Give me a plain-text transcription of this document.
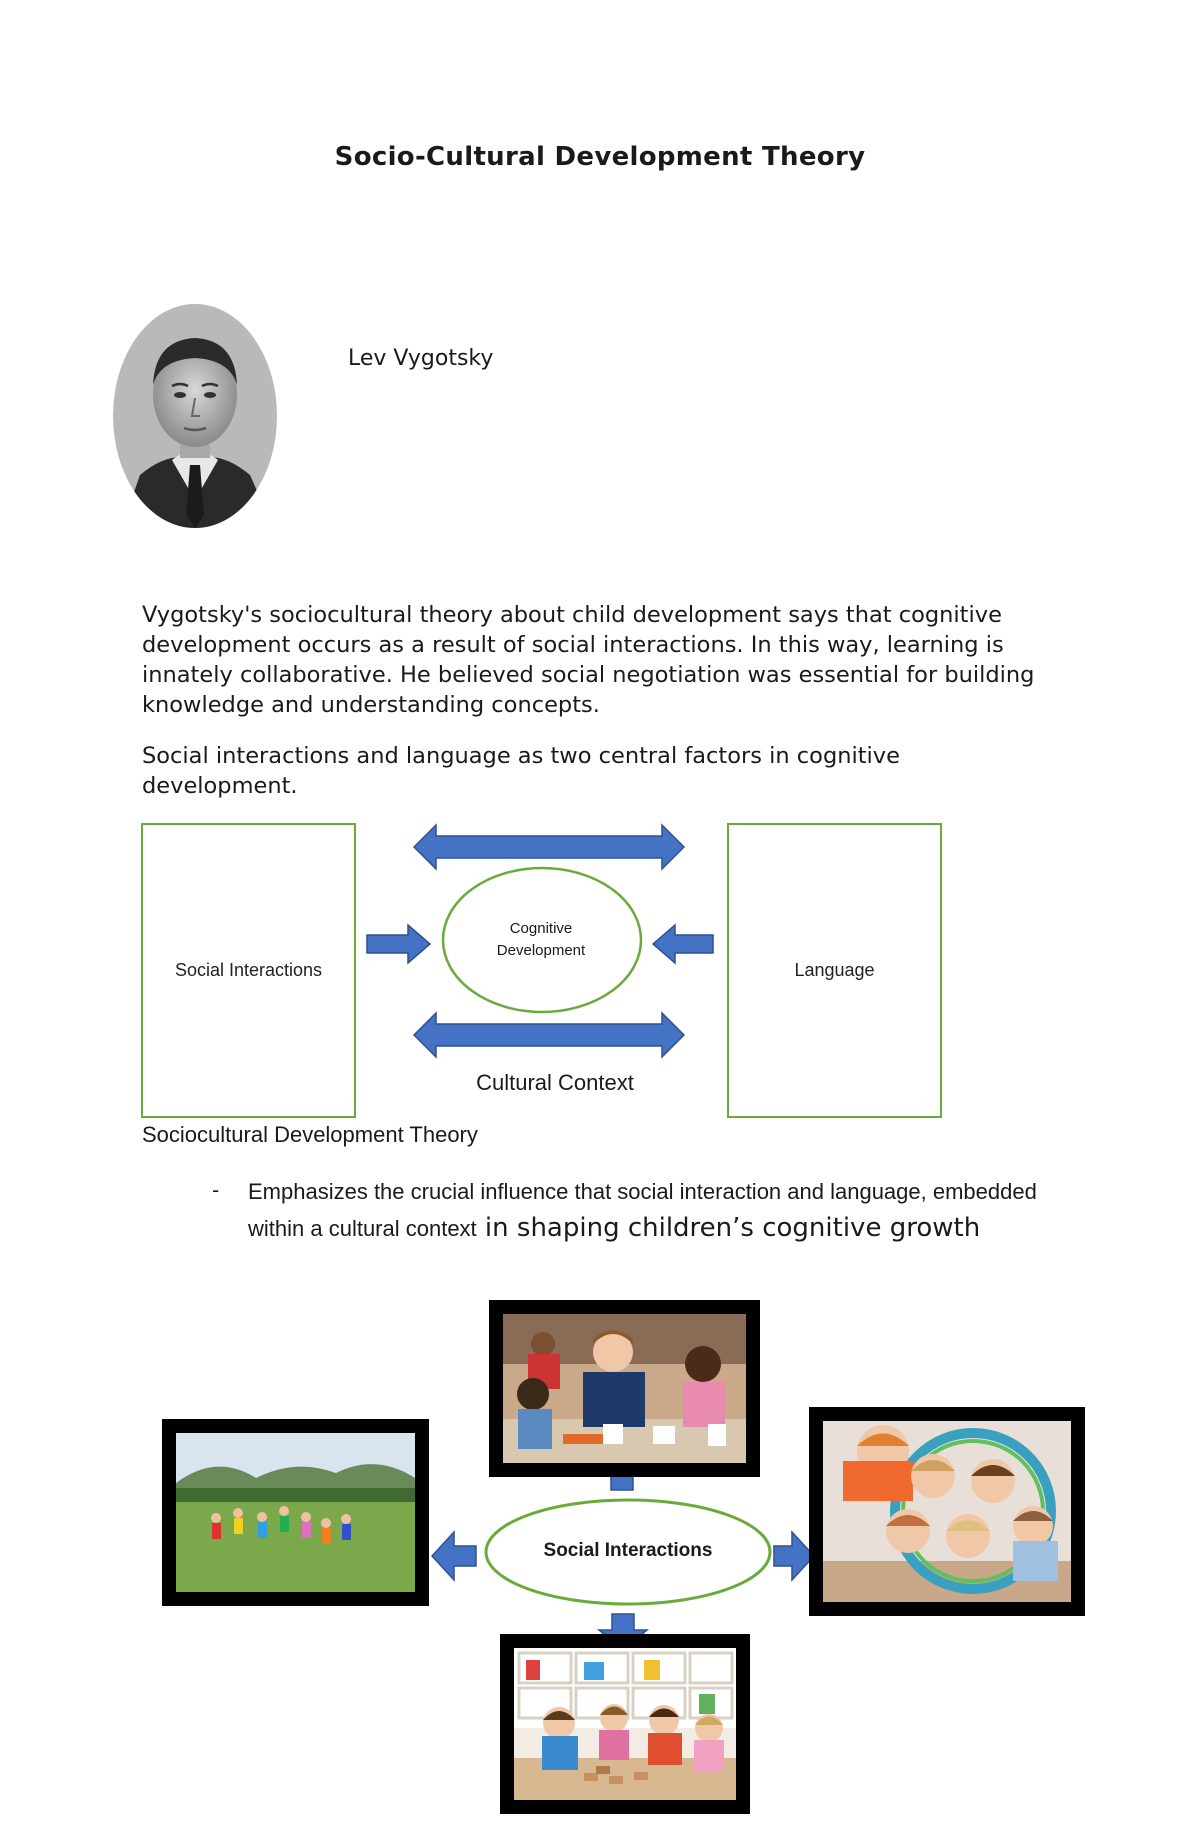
Socio-Cultural Development Theory
Lev Vygotsky
Vygotsky's sociocultural theory about child development says that cognitive development occurs as a result of social interactions. In this way, learning is innately collaborative. He believed social negotiation was essential for building knowledge and understanding concepts.
Social interactions and language as two central factors in cognitive development.
Social Interactions	Language
Cognitive
Development
Cultural Context
Sociocultural Development Theory
- Emphasizes the crucial influence that social interaction and language, embedded within a cultural context in shaping children’s cognitive growth
Social Interactions
